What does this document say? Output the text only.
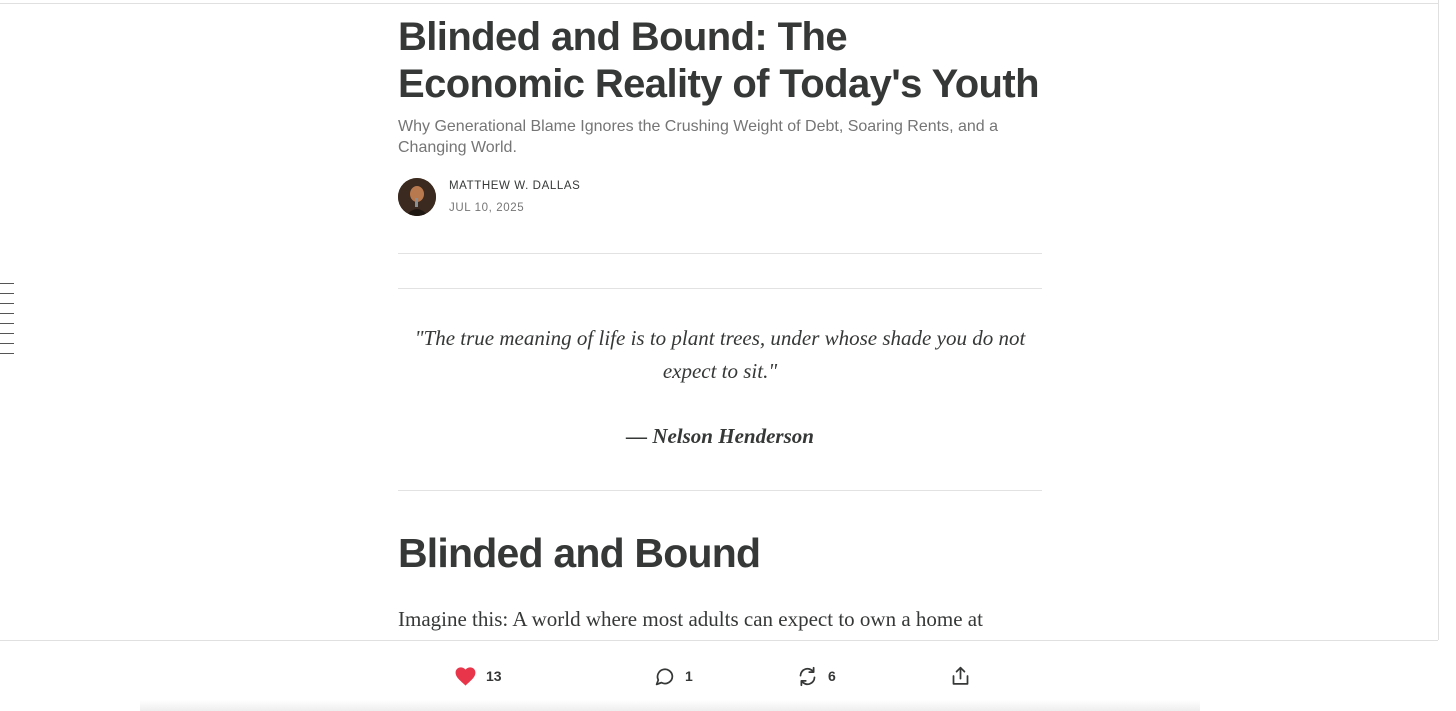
Blinded and Bound: The Economic Reality of Today's Youth

Why Generational Blame Ignores the Crushing Weight of Debt, Soaring Rents, and a Changing World.

MATTHEW W. DALLAS

JUL 10, 2025

"The true meaning of life is to plant trees, under whose shade you do not expect to sit."

— Nelson Henderson

Blinded and Bound

Imagine this: A world where most adults can expect to own a home at

13	1	6
